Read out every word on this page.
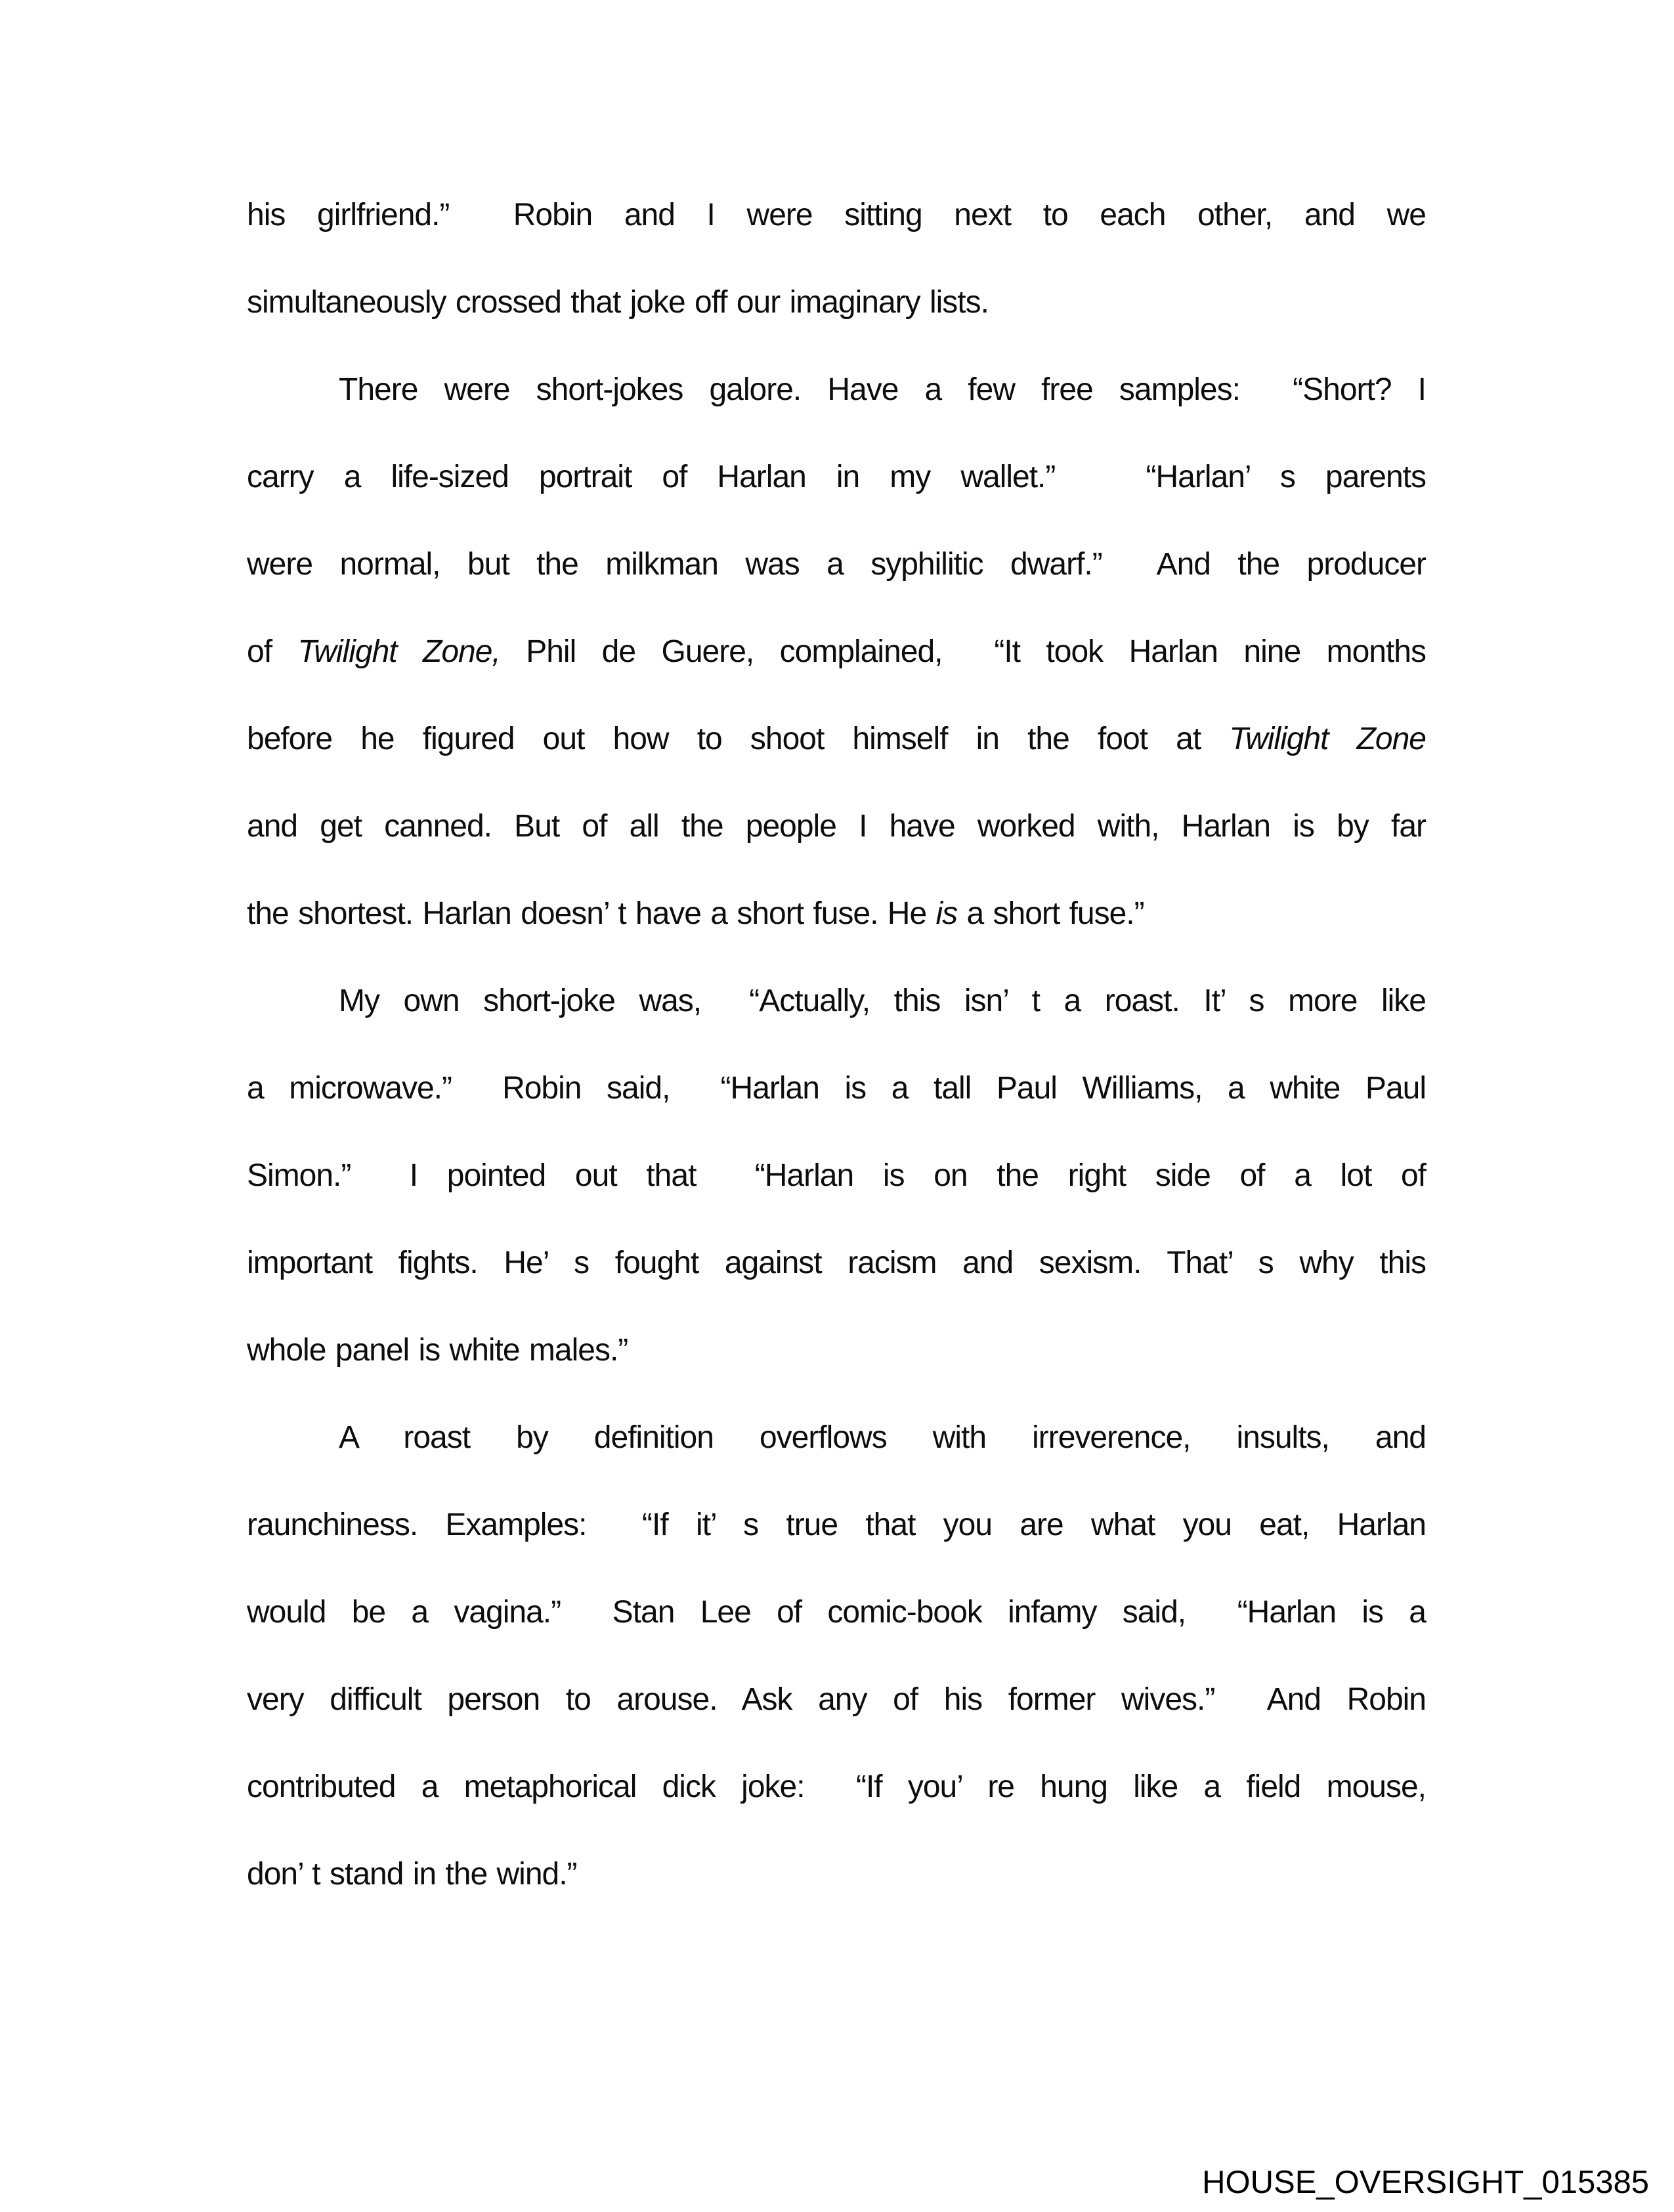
his girlfriend.”  Robin and I were sitting next to each other, and we
simultaneously crossed that joke off our imaginary lists.
There were short-jokes galore. Have a few free samples:  “Short? I
carry a life-sized portrait of Harlan in my wallet.”   “Harlan’ s parents
were normal, but the milkman was a syphilitic dwarf.”  And the producer
of Twilight Zone, Phil de Guere, complained,  “It took Harlan nine months
before he figured out how to shoot himself in the foot at Twilight Zone
and get canned. But of all the people I have worked with, Harlan is by far
the shortest. Harlan doesn’ t have a short fuse. He is a short fuse.”
My own short-joke was,  “Actually, this isn’ t a roast. It’ s more like
a microwave.”  Robin said,  “Harlan is a tall Paul Williams, a white Paul
Simon.”  I pointed out that  “Harlan is on the right side of a lot of
important fights. He’ s fought against racism and sexism. That’ s why this
whole panel is white males.”
A roast by definition overflows with irreverence, insults, and
raunchiness. Examples:  “If it’ s true that you are what you eat, Harlan
would be a vagina.”  Stan Lee of comic-book infamy said,  “Harlan is a
very difficult person to arouse. Ask any of his former wives.”  And Robin
contributed a metaphorical dick joke:  “If you’ re hung like a field mouse,
don’ t stand in the wind.”
HOUSE_OVERSIGHT_015385
